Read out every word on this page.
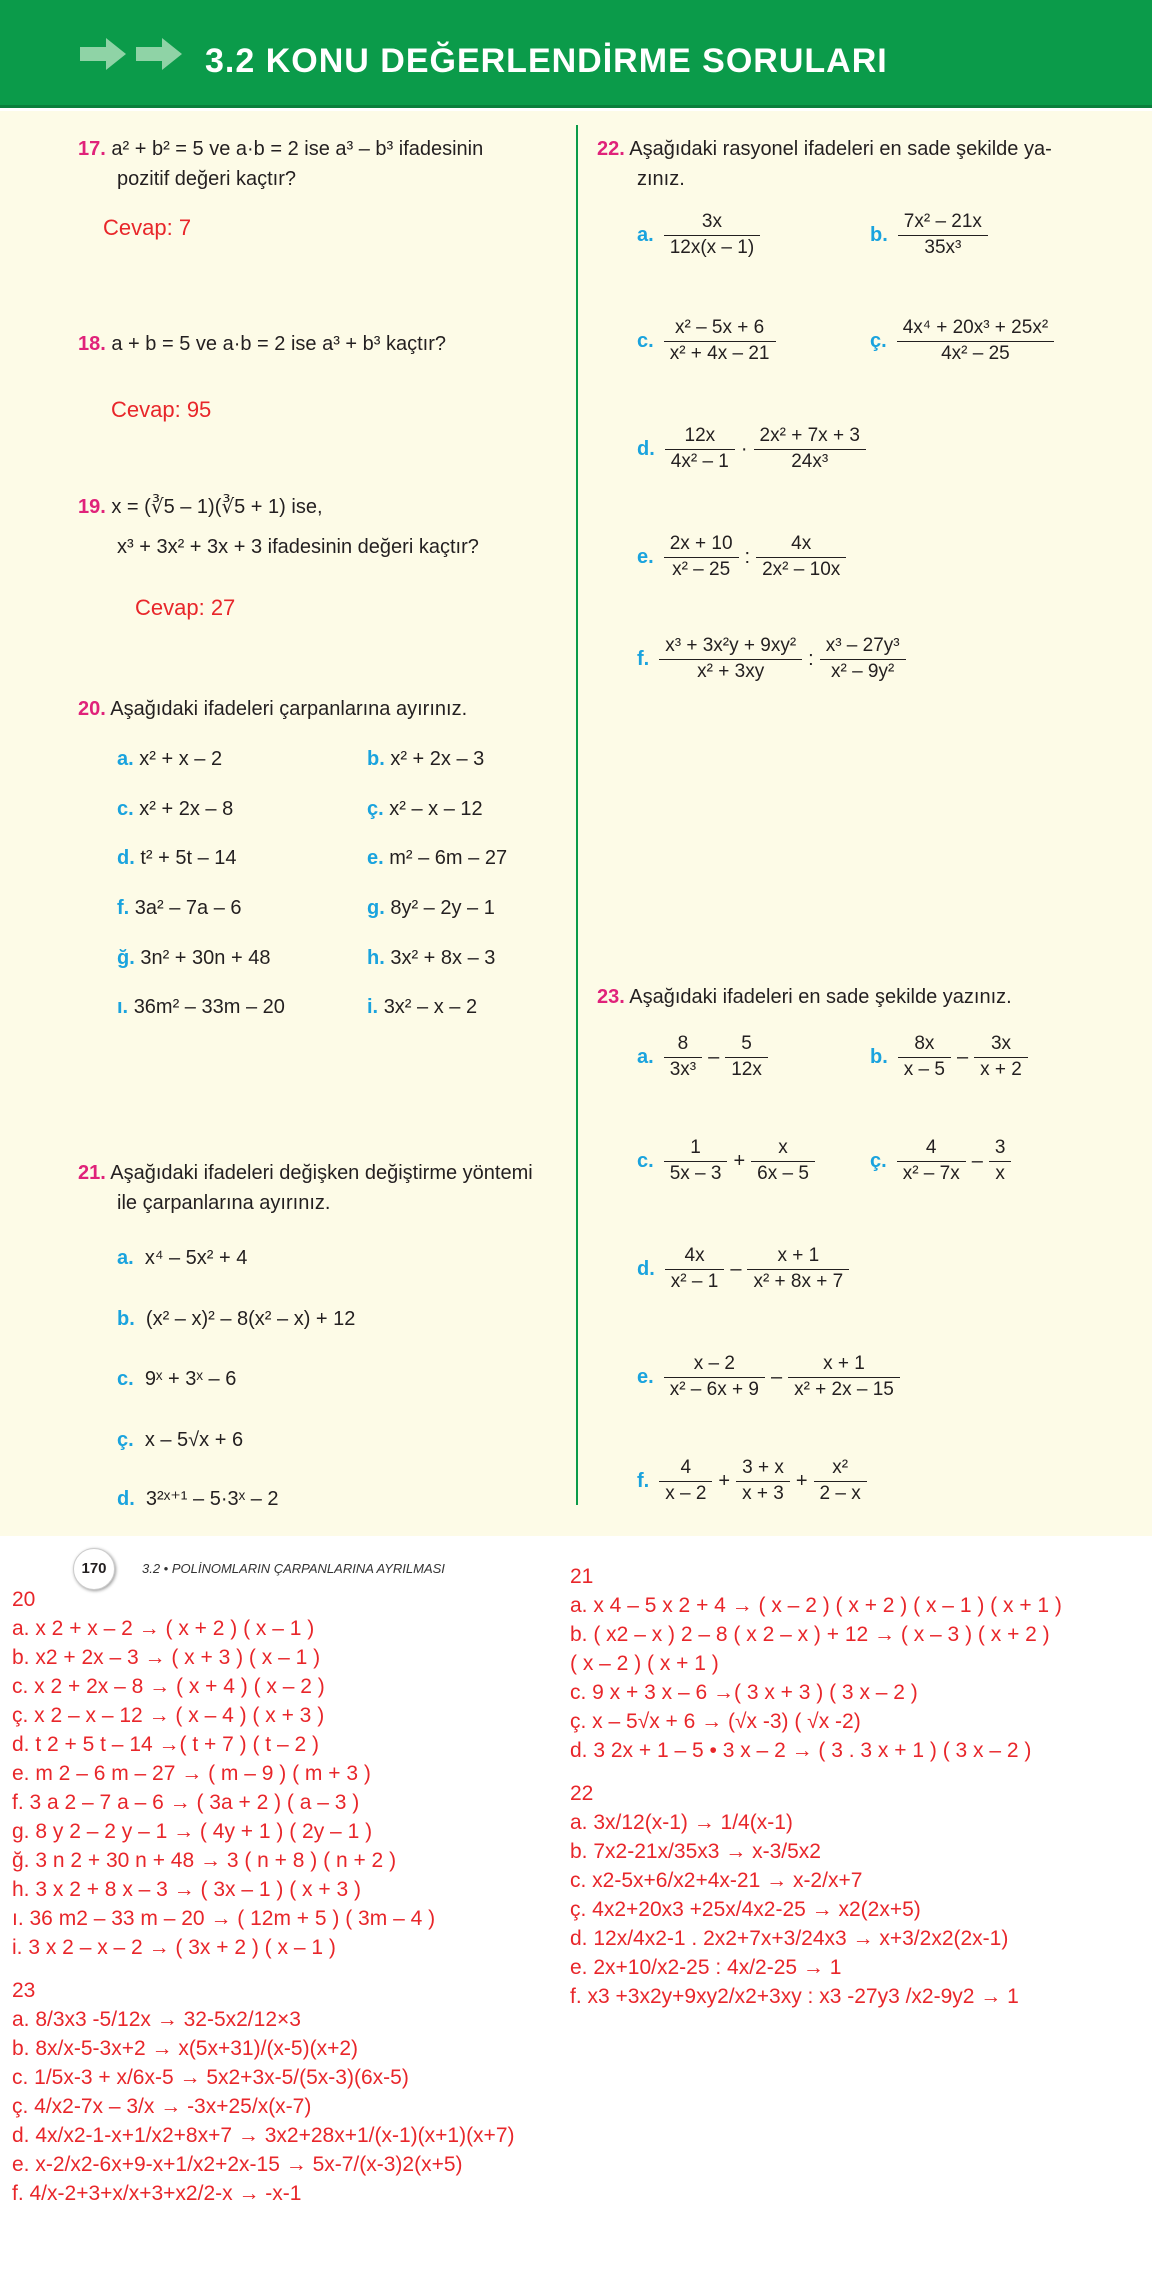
3.2 KONU DEĞERLENDİRME SORULARI
17. a² + b² = 5 ve a·b = 2 ise a³ – b³ ifadesinin
pozitif değeri kaçtır?
Cevap: 7
18. a + b = 5 ve a·b = 2 ise a³ + b³ kaçtır?
Cevap: 95
19. x = (∛5 – 1)(∛5 + 1) ise,
x³ + 3x² + 3x + 3 ifadesinin değeri kaçtır?
Cevap: 27
20. Aşağıdaki ifadeleri çarpanlarına ayırınız.
a. x² + x – 2	b. x² + 2x – 3
c. x² + 2x – 8	ç. x² – x – 12
d. t² + 5t – 14	e. m² – 6m – 27
f. 3a² – 7a – 6	g. 8y² – 2y – 1
ğ. 3n² + 30n + 48	h. 3x² + 8x – 3
ı. 36m² – 33m – 20	i. 3x² – x – 2
21. Aşağıdaki ifadeleri değişken değiştirme yöntemi
ile çarpanlarına ayırınız.
a. x⁴ – 5x² + 4
b. (x² – x)² – 8(x² – x) + 12
c. 9ˣ + 3ˣ – 6
ç. x – 5√x + 6
d. 3²ˣ⁺¹ – 5·3ˣ – 2
22. Aşağıdaki rasyonel ifadeleri en sade şekilde ya-
zınız.
a. $\frac{3x}{12x(x - 1)}$	b. $\frac{\text{7x² – 21x}}{\text{35x³}}$
c. $\frac{\text{x² – 5x + 6}}{\text{x² + 4x – 21}}$	ç. $\frac{\text{4x⁴ + 20x³ + 25x²}}{\text{4x² – 25}}$
d. $\frac{12x}{\text{4x² – 1}} \cdot \frac{\text{2x² + 7x + 3}}{\text{24x³}}$
e. $\frac{2x + 10}{\text{x² – 25}}$ : $\frac{4x}{\text{2x² – 10x}}$
f. $\frac{\text{x³ + 3x²y + 9xy²}}{\text{x² + 3xy}}$ : $\frac{\text{x³ – 27y³}}{\text{x² – 9y²}}$
23. Aşağıdaki ifadeleri en sade şekilde yazınız.
a. $\frac{8}{\text{3x³}} - \frac{5}{12x}$	b. $\frac{8x}{x - 5} - \frac{3x}{x + 2}$
c. $\frac{1}{5x - 3} + \frac{x}{6x - 5}$	ç. $\frac{4}{\text{x² – 7x}} - \frac{3}{x}$
d. $\frac{4x}{\text{x² – 1}} - \frac{x + 1}{\text{x² + 8x + 7}}$
e. $\frac{x - 2}{\text{x² – 6x + 9}} - \frac{x + 1}{\text{x² + 2x – 15}}$
f. $\frac{4}{x - 2} + \frac{3 + x}{x + 3} + \frac{\text{x²}}{2 - x}$
170	3.2 • POLİNOMLARIN ÇARPANLARINA AYRILMASI
20
a. x 2 + x – 2 → ( x + 2 ) ( x – 1 )
b. x2 + 2x – 3 → ( x + 3 ) ( x – 1 )
c. x 2 + 2x – 8 → ( x + 4 ) ( x – 2 )
ç. x 2 – x – 12 → ( x – 4 ) ( x + 3 )
d. t 2 + 5 t – 14 →( t + 7 ) ( t – 2 )
e. m 2 – 6 m – 27 → ( m – 9 ) ( m + 3 )
f. 3 a 2 – 7 a – 6 → ( 3a + 2 ) ( a – 3 )
g. 8 y 2 – 2 y – 1 → ( 4y + 1 ) ( 2y – 1 )
ğ. 3 n 2 + 30 n + 48 → 3 ( n + 8 ) ( n + 2 )
h. 3 x 2 + 8 x – 3 → ( 3x – 1 ) ( x + 3 )
ı. 36 m2 – 33 m – 20 → ( 12m + 5 ) ( 3m – 4 )
i. 3 x 2 – x – 2 → ( 3x + 2 ) ( x – 1 )
23
a. 8/3x3 -5/12x → 32-5x2/12×3
b. 8x/x-5-3x+2 → x(5x+31)/(x-5)(x+2)
c. 1/5x-3 + x/6x-5 → 5x2+3x-5/(5x-3)(6x-5)
ç. 4/x2-7x – 3/x → -3x+25/x(x-7)
d. 4x/x2-1-x+1/x2+8x+7 → 3x2+28x+1/(x-1)(x+1)(x+7)
e. x-2/x2-6x+9-x+1/x2+2x-15 → 5x-7/(x-3)2(x+5)
f. 4/x-2+3+x/x+3+x2/2-x → -x-1
21
a. x 4 – 5 x 2 + 4 → ( x – 2 ) ( x + 2 ) ( x – 1 ) ( x + 1 )
b. ( x2 – x ) 2 – 8 ( x 2 – x ) + 12 → ( x – 3 ) ( x + 2 )
( x – 2 ) ( x + 1 )
c. 9 x + 3 x – 6 →( 3 x + 3 ) ( 3 x – 2 )
ç. x – 5√x + 6 → (√x -3) ( √x -2)
d. 3 2x + 1 – 5 • 3 x – 2 → ( 3 . 3 x + 1 ) ( 3 x – 2 )
22
a. 3x/12(x-1) → 1/4(x-1)
b. 7x2-21x/35x3 → x-3/5x2
c. x2-5x+6/x2+4x-21 → x-2/x+7
ç. 4x2+20x3 +25x/4x2-25 → x2(2x+5)
d. 12x/4x2-1 . 2x2+7x+3/24x3 → x+3/2x2(2x-1)
e. 2x+10/x2-25 : 4x/2-25 → 1
f. x3 +3x2y+9xy2/x2+3xy : x3 -27y3 /x2-9y2 → 1
